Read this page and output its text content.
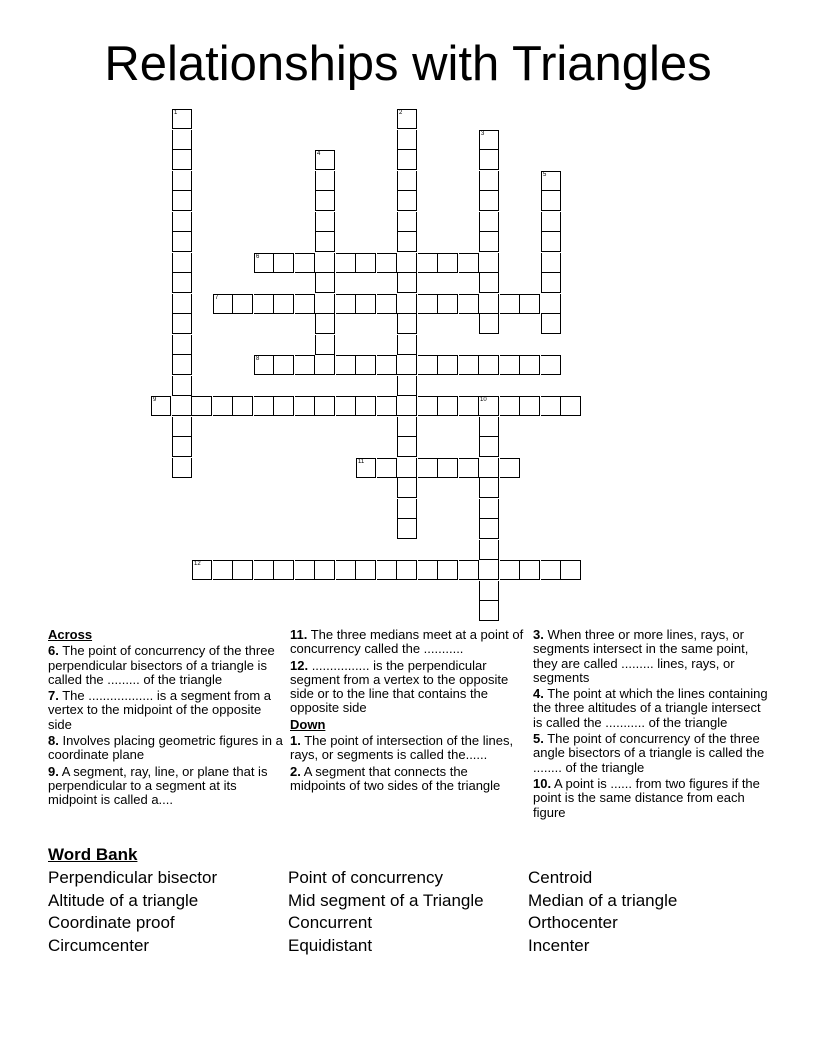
Relationships with Triangles
1	2
3
4
5
6
7
8
9	10
11
12
Across
6. The point of concurrency of the three perpendicular bisectors of a triangle is called the ......... of the triangle
7. The .................. is a segment from a vertex to the midpoint of the opposite side
8. Involves placing geometric figures in a coordinate plane
9. A segment, ray, line, or plane that is perpendicular to a segment at its midpoint is called a....
11. The three medians meet at a point of concurrency called the ...........
12. ................ is the perpendicular segment from a vertex to the opposite side or to the line that contains the opposite side
Down
1. The point of intersection of the lines, rays, or segments is called the......
2. A segment that connects the midpoints of two sides of the triangle
3. When three or more lines, rays, or segments intersect in the same point, they are called ......... lines, rays, or segments
4. The point at which the lines containing the three altitudes of a triangle intersect is called the ........... of the triangle
5. The point of concurrency of the three angle bisectors of a triangle is called the ........ of the triangle
10. A point is ...... from two figures if the point is the same distance from each figure
Word Bank
Perpendicular bisector
Altitude of a triangle
Coordinate proof
Circumcenter
Point of concurrency
Mid segment of a Triangle
Concurrent
Equidistant
Centroid
Median of a triangle
Orthocenter
Incenter
